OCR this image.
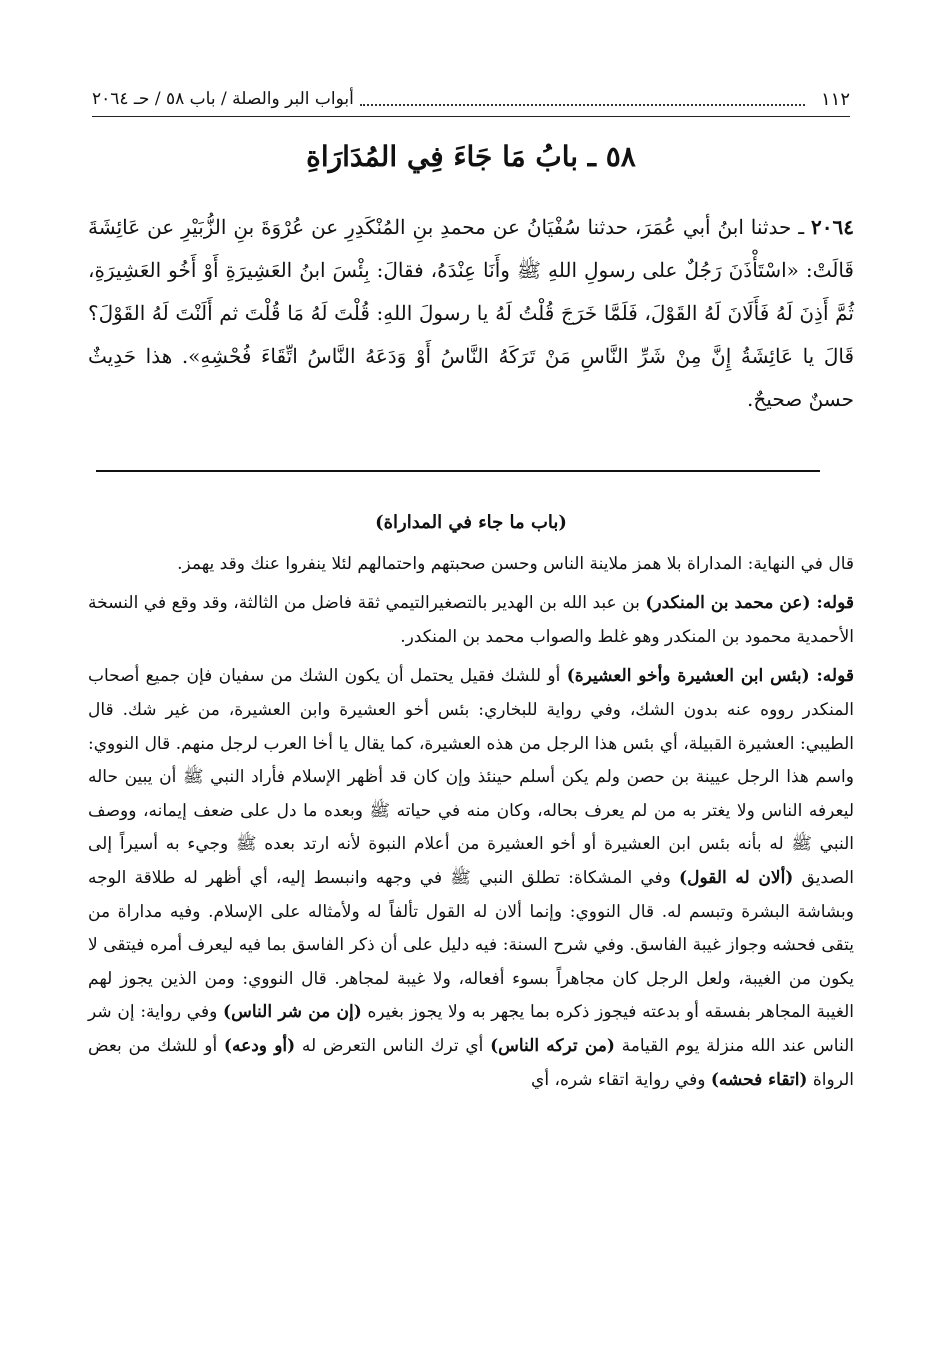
١١٢
أبواب البر والصلة / باب ٥٨ / حـ ٢٠٦٤
٥٨ ـ بابُ مَا جَاءَ فِي المُدَارَاةِ
٢٠٦٤ ـ حدثنا ابنُ أبي عُمَرَ، حدثنا سُفْيَانُ عن محمدِ بنِ المُنْكَدِرِ عن عُرْوَةَ بنِ الزُّبَيْرِ عن عَائِشَةَ قَالَتْ: «اسْتَأْذَنَ رَجُلٌ على رسولِ اللهِ ﷺ وأَنَا عِنْدَهُ، فقالَ: بِئْسَ ابنُ العَشِيرَةِ أَوْ أَخُو العَشِيرَةِ، ثُمَّ أَذِنَ لَهُ فَأَلَانَ لَهُ القَوْلَ، فَلَمَّا خَرَجَ قُلْتُ لَهُ يا رسولَ اللهِ: قُلْتَ لَهُ مَا قُلْتَ ثم أَلَنْتَ لَهُ القَوْلَ؟ قَالَ يا عَائِشَةُ إِنَّ مِنْ شَرِّ النَّاسِ مَنْ تَرَكَهُ النَّاسُ أَوْ وَدَعَهُ النَّاسُ اتِّقَاءَ فُحْشِهِ». هذا حَدِيثٌ حسنٌ صحيحٌ.
(باب ما جاء في المداراة)

قال في النهاية: المداراة بلا همز ملاينة الناس وحسن صحبتهم واحتمالهم لئلا ينفروا عنك وقد يهمز.

قوله: (عن محمد بن المنكدر) بن عبد الله بن الهدير بالتصغيرالتيمي ثقة فاضل من الثالثة، وقد وقع في النسخة الأحمدية محمود بن المنكدر وهو غلط والصواب محمد بن المنكدر.

قوله: (بئس ابن العشيرة وأخو العشيرة) أو للشك فقيل يحتمل أن يكون الشك من سفيان فإن جميع أصحاب المنكدر رووه عنه بدون الشك، وفي رواية للبخاري: بئس أخو العشيرة وابن العشيرة، من غير شك. قال الطيبي: العشيرة القبيلة، أي بئس هذا الرجل من هذه العشيرة، كما يقال يا أخا العرب لرجل منهم. قال النووي: واسم هذا الرجل عيينة بن حصن ولم يكن أسلم حينئذ وإن كان قد أظهر الإسلام فأراد النبي ﷺ أن يبين حاله ليعرفه الناس ولا يغتر به من لم يعرف بحاله، وكان منه في حياته ﷺ وبعده ما دل على ضعف إيمانه، ووصف النبي ﷺ له بأنه بئس ابن العشيرة أو أخو العشيرة من أعلام النبوة لأنه ارتد بعده ﷺ وجيء به أسيراً إلى الصديق (ألان له القول) وفي المشكاة: تطلق النبي ﷺ في وجهه وانبسط إليه، أي أظهر له طلاقة الوجه وبشاشة البشرة وتبسم له. قال النووي: وإنما ألان له القول تألفاً له ولأمثاله على الإسلام. وفيه مداراة من يتقى فحشه وجواز غيبة الفاسق. وفي شرح السنة: فيه دليل على أن ذكر الفاسق بما فيه ليعرف أمره فيتقى لا يكون من الغيبة، ولعل الرجل كان مجاهراً بسوء أفعاله، ولا غيبة لمجاهر. قال النووي: ومن الذين يجوز لهم الغيبة المجاهر بفسقه أو بدعته فيجوز ذكره بما يجهر به ولا يجوز بغيره (إن من شر الناس) وفي رواية: إن شر الناس عند الله منزلة يوم القيامة (من تركه الناس) أي ترك الناس التعرض له (أو ودعه) أو للشك من بعض الرواة (اتقاء فحشه) وفي رواية اتقاء شره، أي
